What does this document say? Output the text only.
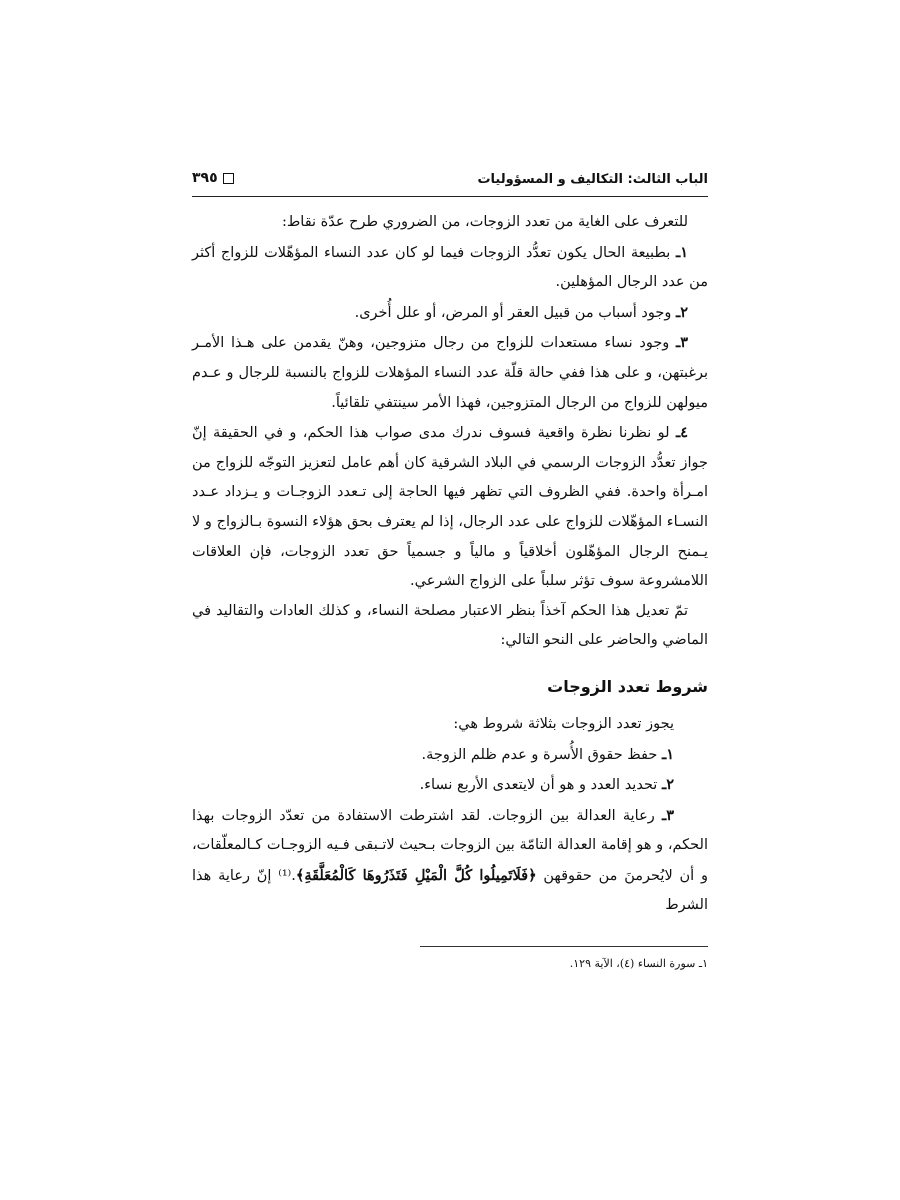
الباب الثالث: التكاليف و المسؤوليات
٣٩٥

للتعرف على الغاية من تعدد الزوجات، من الضروري طرح عدّة نقاط:

١ـ بطبيعة الحال يكون تعدُّد الزوجات فيما لو كان عدد النساء المؤهّلات للزواج أكثر من عدد الرجال المؤهلين.

٢ـ وجود أسباب من قبيل العقر أو المرض، أو علل أُخرى.

٣ـ وجود نساء مستعدات للزواج من رجال متزوجين، وهنّ يقدمن على هـذا الأمـر برغبتهن، و على هذا ففي حالة قلّة عدد النساء المؤهلات للزواج بالنسبة للرجال و عـدم ميولهن للزواج من الرجال المتزوجين، فهذا الأمر سينتفي تلقائياً.

٤ـ لو نظرنا نظرة واقعية فسوف ندرك مدى صواب هذا الحكم، و في الحقيقة إنّ جواز تعدُّد الزوجات الرسمي في البلاد الشرقية كان أهم عامل لتعزيز التوجّه للزواج من امـرأة واحدة. ففي الظروف التي تظهر فيها الحاجة إلى تـعدد الزوجـات و يـزداد عـدد النسـاء المؤهّلات للزواج على عدد الرجال، إذا لم يعترف بحق هؤلاء النسوة بـالزواج و لا يـمنح الرجال المؤهّلون أخلاقياً و مالياً و جسمياً حق تعدد الزوجات، فإن العلاقات اللامشروعة سوف تؤثر سلباً على الزواج الشرعي.

تمّ تعديل هذا الحكم آخذاً بنظر الاعتبار مصلحة النساء، و كذلك العادات والتقاليد في الماضي والحاضر على النحو التالي:

شروط تعدد الزوجات

يجوز تعدد الزوجات بثلاثة شروط هي:

١ـ حفظ حقوق الأُسرة و عدم ظلم الزوجة.

٢ـ تحديد العدد و هو أن لايتعدى الأربع نساء.

٣ـ رعاية العدالة بين الزوجات. لقد اشترطت الاستفادة من تعدّد الزوجات بهذا الحكم، و هو إقامة العدالة التامّة بين الزوجات بـحيث لاتـبقى فـيه الزوجـات كـالمعلّقات، و أن لايُحرمنَ من حقوقهن ﴿فَلَاتَمِيلُوا كُلَّ الْمَيْلِ فَتَذَرُوهَا كَالْمُعَلَّقَةِ﴾.⁽¹⁾ إنّ رعاية هذا الشرط

١ـ سورة النساء (٤)، الآية ١٢٩.
